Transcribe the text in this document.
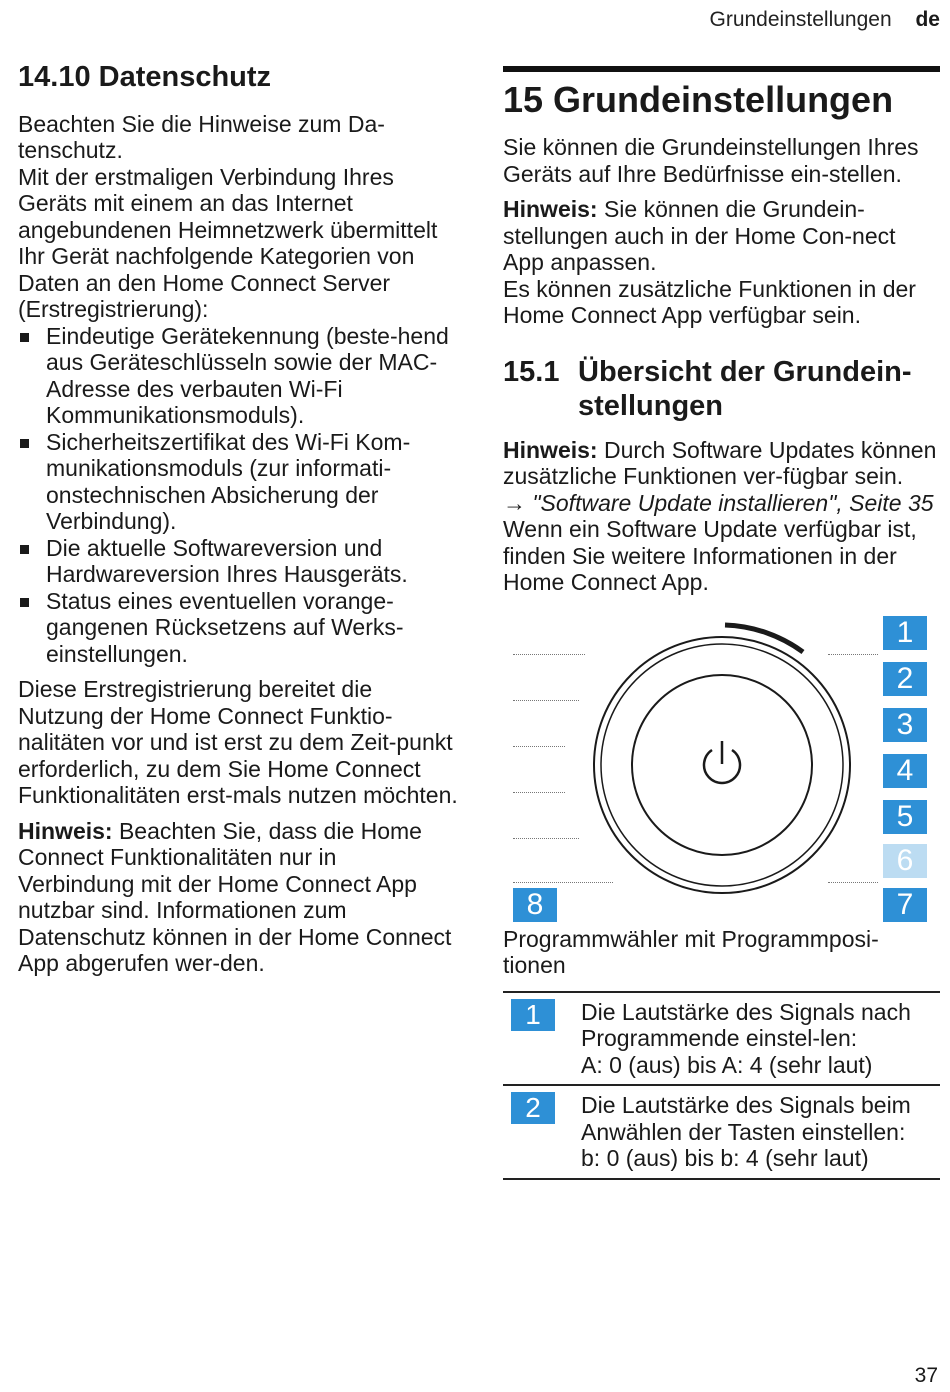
Grundeinstellungen de
14.10 Datenschutz

Beachten Sie die Hinweise zum Da-tenschutz.

Mit der erstmaligen Verbindung Ihres Geräts mit einem an das Internet angebundenen Heimnetzwerk übermittelt Ihr Gerät nachfolgende Kategorien von Daten an den Home Connect Server (Erstregistrierung):

Eindeutige Gerätekennung (beste-hend aus Geräteschlüsseln sowie der MAC-Adresse des verbauten Wi-Fi Kommunikationsmoduls).
Sicherheitszertifikat des Wi-Fi Kom-munikationsmoduls (zur informati-onstechnischen Absicherung der Verbindung).
Die aktuelle Softwareversion und Hardwareversion Ihres Hausgeräts.
Status eines eventuellen vorange-gangenen Rücksetzens auf Werks-einstellungen.

Diese Erstregistrierung bereitet die Nutzung der Home Connect Funktio-nalitäten vor und ist erst zu dem Zeit-punkt erforderlich, zu dem Sie Home Connect Funktionalitäten erst-mals nutzen möchten.

Hinweis: Beachten Sie, dass die Home Connect Funktionalitäten nur in Verbindung mit der Home Connect App nutzbar sind. Informationen zum Datenschutz können in der Home Connect App abgerufen wer-den.

15 Grundeinstellungen

Sie können die Grundeinstellungen Ihres Geräts auf Ihre Bedürfnisse ein-stellen.

Hinweis: Sie können die Grundein-stellungen auch in der Home Con-nect App anpassen.

Es können zusätzliche Funktionen in der Home Connect App verfügbar sein.

15.1 Übersicht der Grundein-stellungen

Hinweis: Durch Software Updates können zusätzliche Funktionen ver-fügbar sein.

→ "Software Update installieren", Seite 35

Wenn ein Software Update verfügbar ist, finden Sie weitere Informationen in der Home Connect App.

1
2
3
4
5
6
7
8

Programmwähler mit Programmposi-tionen

1	Die Lautstärke des Signals nach Programmende einstel-len:
A: 0 (aus) bis A: 4 (sehr laut)

2	Die Lautstärke des Signals beim Anwählen der Tasten einstellen:
b: 0 (aus) bis b: 4 (sehr laut)
37
